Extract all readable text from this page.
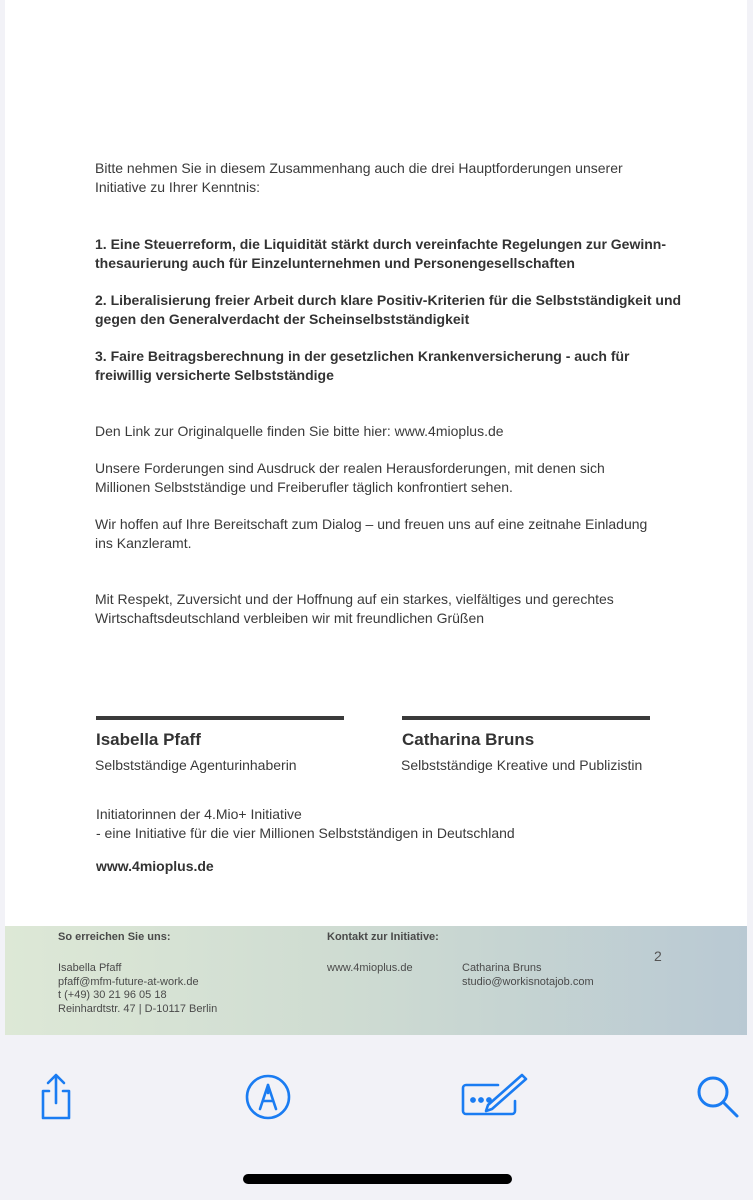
Bitte nehmen Sie in diesem Zusammenhang auch die drei Hauptforderungen unserer
Initiative zu Ihrer Kenntnis:
1. Eine Steuerreform, die Liquidität stärkt durch vereinfachte Regelungen zur Gewinn-
thesaurierung auch für Einzelunternehmen und Personengesellschaften
2. Liberalisierung freier Arbeit durch klare Positiv-Kriterien für die Selbstständigkeit und
gegen den Generalverdacht der Scheinselbstständigkeit
3. Faire Beitragsberechnung in der gesetzlichen Krankenversicherung - auch für
freiwillig versicherte Selbstständige
Den Link zur Originalquelle finden Sie bitte hier: www.4mioplus.de
Unsere Forderungen sind Ausdruck der realen Herausforderungen, mit denen sich
Millionen Selbstständige und Freiberufler täglich konfrontiert sehen.
Wir hoffen auf Ihre Bereitschaft zum Dialog – und freuen uns auf eine zeitnahe Einladung
ins Kanzleramt.
Mit Respekt, Zuversicht und der Hoffnung auf ein starkes, vielfältiges und gerechtes
Wirtschaftsdeutschland verbleiben wir mit freundlichen Grüßen
Isabella Pfaff
Selbstständige Agenturinhaberin
Catharina Bruns
Selbstständige Kreative und Publizistin
Initiatorinnen der 4.Mio+ Initiative
- eine Initiative für die vier Millionen Selbstständigen in Deutschland
www.4mioplus.de
So erreichen Sie uns:
Isabella Pfaff
pfaff@mfm-future-at-work.de
t (+49) 30 21 96 05 18
Reinhardtstr. 47 | D-10117 Berlin
Kontakt zur Initiative:
www.4mioplus.de	Catharina Bruns
studio@workisnotajob.com
2
